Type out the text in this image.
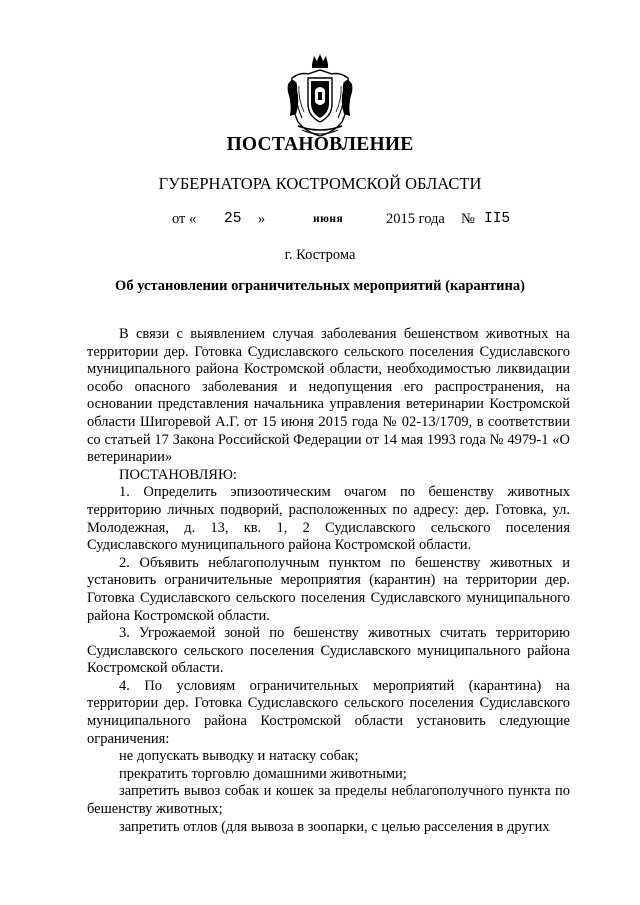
ПОСТАНОВЛЕНИЕ
ГУБЕРНАТОРА КОСТРОМСКОЙ ОБЛАСТИ
от « 25 »	июня	2015 года № II5
г. Кострома
Об установлении ограничительных мероприятий (карантина)

В связи с выявлением случая заболевания бешенством животных на территории дер. Готовка Судиславского сельского поселения Судиславского муниципального района Костромской области, необходимостью ликвидации особо опасного заболевания и недопущения его распространения, на основании представления начальника управления ветеринарии Костромской области Шигоревой А.Г. от 15 июня 2015 года № 02-13/1709, в соответствии со статьей 17 Закона Российской Федерации от 14 мая 1993 года № 4979-1 «О ветеринарии»

ПОСТАНОВЛЯЮ:

1. Определить эпизоотическим очагом по бешенству животных территорию личных подворий, расположенных по адресу: дер. Готовка, ул. Молодежная, д. 13, кв. 1, 2 Судиславского сельского поселения Судиславского муниципального района Костромской области.

2. Объявить неблагополучным пунктом по бешенству животных и установить ограничительные мероприятия (карантин) на территории дер. Готовка Судиславского сельского поселения Судиславского муниципального района Костромской области.

3. Угрожаемой зоной по бешенству животных считать территорию Судиславского сельского поселения Судиславского муниципального района Костромской области.

4. По условиям ограничительных мероприятий (карантина) на территории дер. Готовка Судиславского сельского поселения Судиславского муниципального района Костромской области установить следующие ограничения:

не допускать выводку и натаску собак;

прекратить торговлю домашними животными;

запретить вывоз собак и кошек за пределы неблагополучного пункта по бешенству животных;

запретить отлов (для вывоза в зоопарки, с целью расселения в других
